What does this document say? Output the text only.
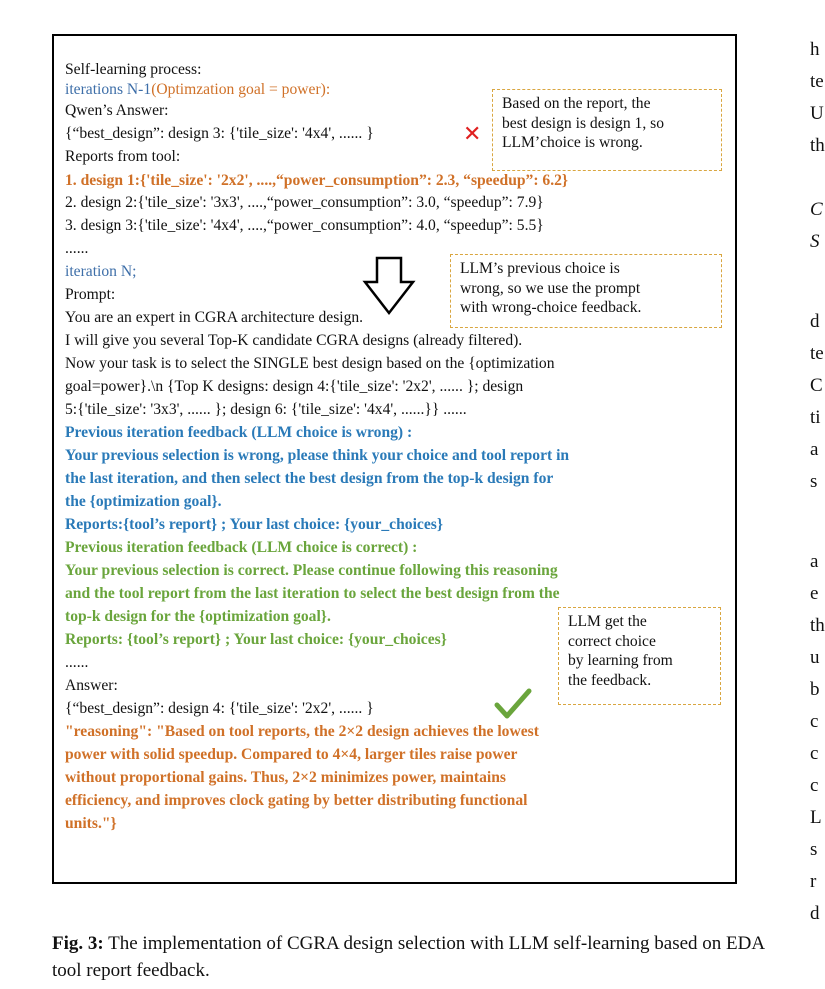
Self-learning process:
iterations N-1(Optimzation goal = power):
Qwen’s Answer:
{“best_design”: design 3: {'tile_size': '4x4', ...... }
Reports from tool:
1. design 1:{'tile_size': '2x2', ....,“power_consumption”: 2.3, “speedup”: 6.2}
2. design 2:{'tile_size': '3x3', ....,“power_consumption”: 3.0, “speedup”: 7.9}
3. design 3:{'tile_size': '4x4', ....,“power_consumption”: 4.0, “speedup”: 5.5}
......
iteration N;
Prompt:
You are an expert in CGRA architecture design.
I will give you several Top-K candidate CGRA designs (already filtered).
Now your task is to select the SINGLE best design based on the {optimization
goal=power}.\n {Top K designs: design 4:{'tile_size': '2x2', ...... }; design
5:{'tile_size': '3x3', ...... }; design 6: {'tile_size': '4x4', ......}} ......
Previous iteration feedback (LLM choice is wrong) :
Your previous selection is wrong, please think your choice and tool report in
the last iteration, and then select the best design from the top-k design for
the {optimization goal}.
Reports:{tool’s report} ; Your last choice: {your_choices}
Previous iteration feedback (LLM choice is correct) :
Your previous selection is correct. Please continue following this reasoning
and the tool report from the last iteration to select the best design from the
top-k design for the {optimization goal}.
Reports: {tool’s report} ; Your last choice: {your_choices}
......
Answer:
{“best_design”: design 4: {'tile_size': '2x2', ...... }
"reasoning": "Based on tool reports, the 2×2 design achieves the lowest
power with solid speedup. Compared to 4×4, larger tiles raise power
without proportional gains. Thus, 2×2 minimizes power, maintains
efficiency, and improves clock gating by better distributing functional
units."}
✕
Based on the report, the
best design is design 1, so
LLM’choice is wrong.
LLM’s previous choice is
wrong, so we use the prompt
with wrong-choice feedback.
LLM get the
correct choice
by learning from
the feedback.
Fig. 3: The implementation of CGRA design selection with LLM self-learning based on EDA tool report feedback.
h
te
U
th
C
S
d
te
C
ti
a
s
a
e
th
u
b
c
c
c
L
s
r
d
